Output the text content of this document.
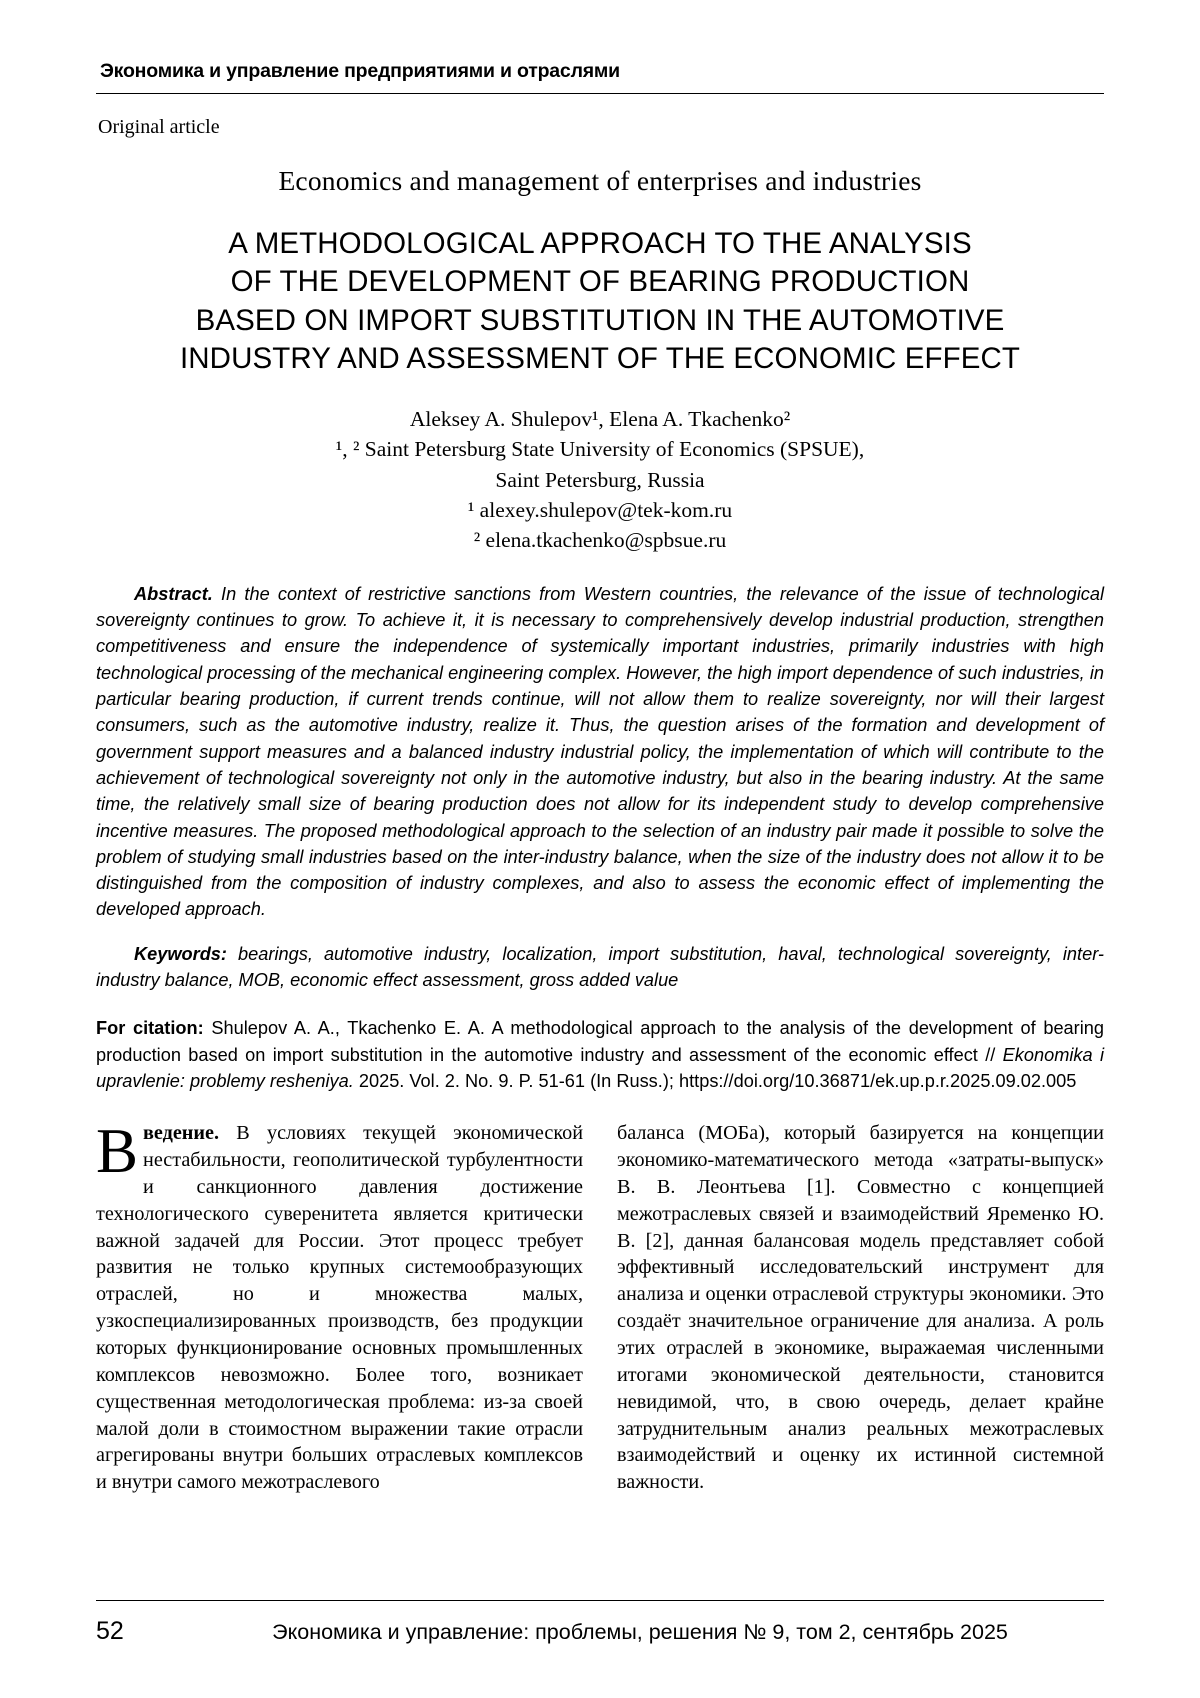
Экономика и управление предприятиями и отраслями
Original article
Economics and management of enterprises and industries
A METHODOLOGICAL APPROACH TO THE ANALYSIS
OF THE DEVELOPMENT OF BEARING PRODUCTION
BASED ON IMPORT SUBSTITUTION IN THE AUTOMOTIVE
INDUSTRY AND ASSESSMENT OF THE ECONOMIC EFFECT
Aleksey A. Shulepov¹, Elena A. Tkachenko²
¹, ² Saint Petersburg State University of Economics (SPSUE),
Saint Petersburg, Russia
¹ alexey.shulepov@tek-kom.ru
² elena.tkachenko@spbsue.ru

Abstract. In the context of restrictive sanctions from Western countries, the relevance of the issue of technological sovereignty continues to grow. To achieve it, it is necessary to comprehensively develop industrial production, strengthen competitiveness and ensure the independence of systemically important industries, primarily industries with high technological processing of the mechanical engineering complex. However, the high import dependence of such industries, in particular bearing production, if current trends continue, will not allow them to realize sovereignty, nor will their largest consumers, such as the automotive industry, realize it. Thus, the question arises of the formation and development of government support measures and a balanced industry industrial policy, the implementation of which will contribute to the achievement of technological sovereignty not only in the automotive industry, but also in the bearing industry. At the same time, the relatively small size of bearing production does not allow for its independent study to develop comprehensive incentive measures. The proposed methodological approach to the selection of an industry pair made it possible to solve the problem of studying small industries based on the inter-industry balance, when the size of the industry does not allow it to be distinguished from the composition of industry complexes, and also to assess the economic effect of implementing the developed approach.

Keywords: bearings, automotive industry, localization, import substitution, haval, technological sovereignty, inter-industry balance, MOB, economic effect assessment, gross added value

For citation: Shulepov A. A., Tkachenko E. A. A methodological approach to the analysis of the development of bearing production based on import substitution in the automotive industry and assessment of the economic effect // Ekonomika i upravlenie: problemy resheniya. 2025. Vol. 2. No. 9. P. 51-61 (In Russ.); https://doi.org/10.36871/ek.up.p.r.2025.09.02.005

Введение. В условиях текущей экономической нестабильности, геополитической турбулентности и санкционного давления достижение технологического суверенитета является критически важной задачей для России. Этот процесс требует развития не только крупных системообразующих отраслей, но и множества малых, узкоспециализированных производств, без продукции которых функционирование основных промышленных комплексов невозможно. Более того, возникает существенная методологическая проблема: из-за своей малой доли в стоимостном выражении такие отрасли агрегированы внутри больших отраслевых комплексов и внутри самого межотраслевого

баланса (МОБа), который базируется на концепции экономико-математического метода «затраты-выпуск» В. В. Леонтьева [1]. Совместно с концепцией межотраслевых связей и взаимодействий Яременко Ю. В. [2], данная балансовая модель представляет собой эффективный исследовательский инструмент для анализа и оценки отраслевой структуры экономики. Это создаёт значительное ограничение для анализа. А роль этих отраслей в экономике, выражаемая численными итогами экономической деятельности, становится невидимой, что, в свою очередь, делает крайне затруднительным анализ реальных межотраслевых взаимодействий и оценку их истинной системной важности.

52	Экономика и управление: проблемы, решения № 9, том 2, сентябрь 2025
